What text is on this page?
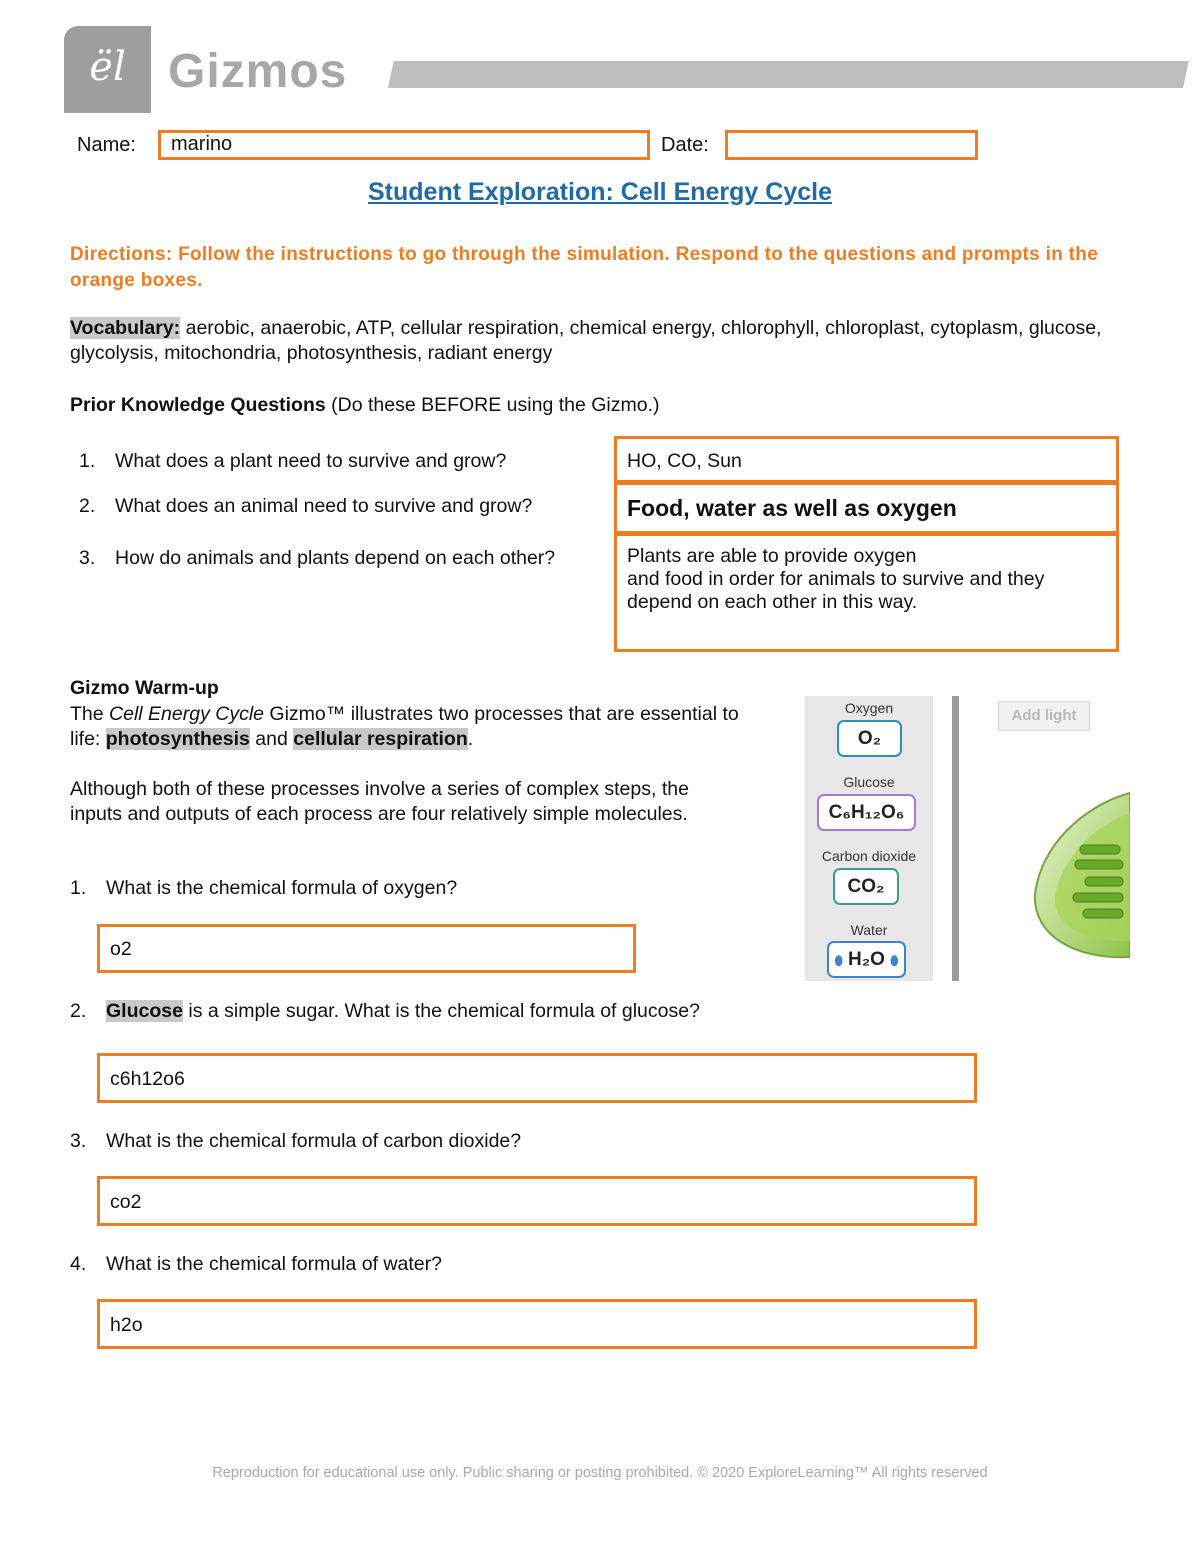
ël Gizmos
Name:	marino	Date:
Student Exploration: Cell Energy Cycle
Directions: Follow the instructions to go through the simulation. Respond to the questions and prompts in the orange boxes.
Vocabulary: aerobic, anaerobic, ATP, cellular respiration, chemical energy, chlorophyll, chloroplast, cytoplasm, glucose, glycolysis, mitochondria, photosynthesis, radiant energy
Prior Knowledge Questions (Do these BEFORE using the Gizmo.)
1. What does a plant need to survive and grow?
2. What does an animal need to survive and grow?
3. How do animals and plants depend on each other?
HO, CO, Sun
Food, water as well as oxygen
Plants are able to provide oxygen
and food in order for animals to survive and they
depend on each other in this way.
Gizmo Warm-up
The Cell Energy Cycle Gizmo™ illustrates two processes that are essential to life: photosynthesis and cellular respiration.
Although both of these processes involve a series of complex steps, the inputs and outputs of each process are four relatively simple molecules.
1. What is the chemical formula of oxygen?
o2
2. Glucose is a simple sugar. What is the chemical formula of glucose?
c6h12o6
3. What is the chemical formula of carbon dioxide?
co2
4. What is the chemical formula of water?
h2o
Oxygen
O₂
Glucose
C₆H₁₂O₆
Carbon dioxide
CO₂
Water
⬮ H₂O ⬮
Add light
Reproduction for educational use only. Public sharing or posting prohibited. © 2020 ExploreLearning™ All rights reserved
